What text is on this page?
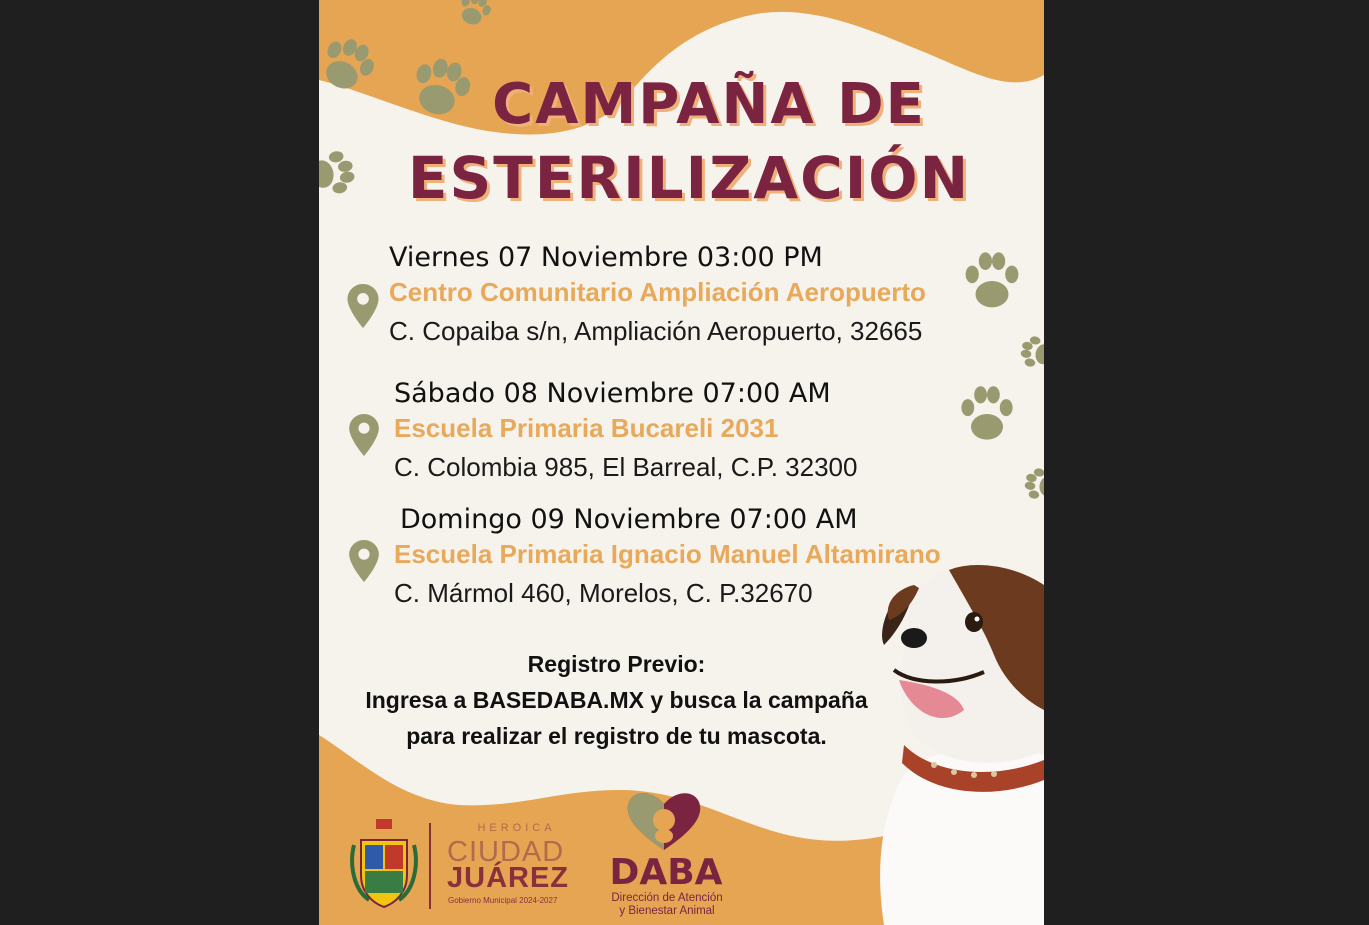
CAMPAÑA DE
ESTERILIZACIÓN
Viernes 07 Noviembre 03:00 PM
Centro Comunitario Ampliación Aeropuerto
C. Copaiba s/n, Ampliación Aeropuerto, 32665
Sábado 08 Noviembre 07:00 AM
Escuela Primaria Bucareli 2031
C. Colombia 985, El Barreal, C.P. 32300
Domingo 09 Noviembre 07:00 AM
Escuela Primaria Ignacio Manuel Altamirano
C. Mármol 460, Morelos, C. P.32670
Registro Previo:
Ingresa a BASEDABA.MX y busca la campaña
para realizar el registro de tu mascota.
HEROICA
CIUDAD
JUÁREZ
Gobierno Municipal 2024-2027
DABA
Dirección de Atención
y Bienestar Animal
